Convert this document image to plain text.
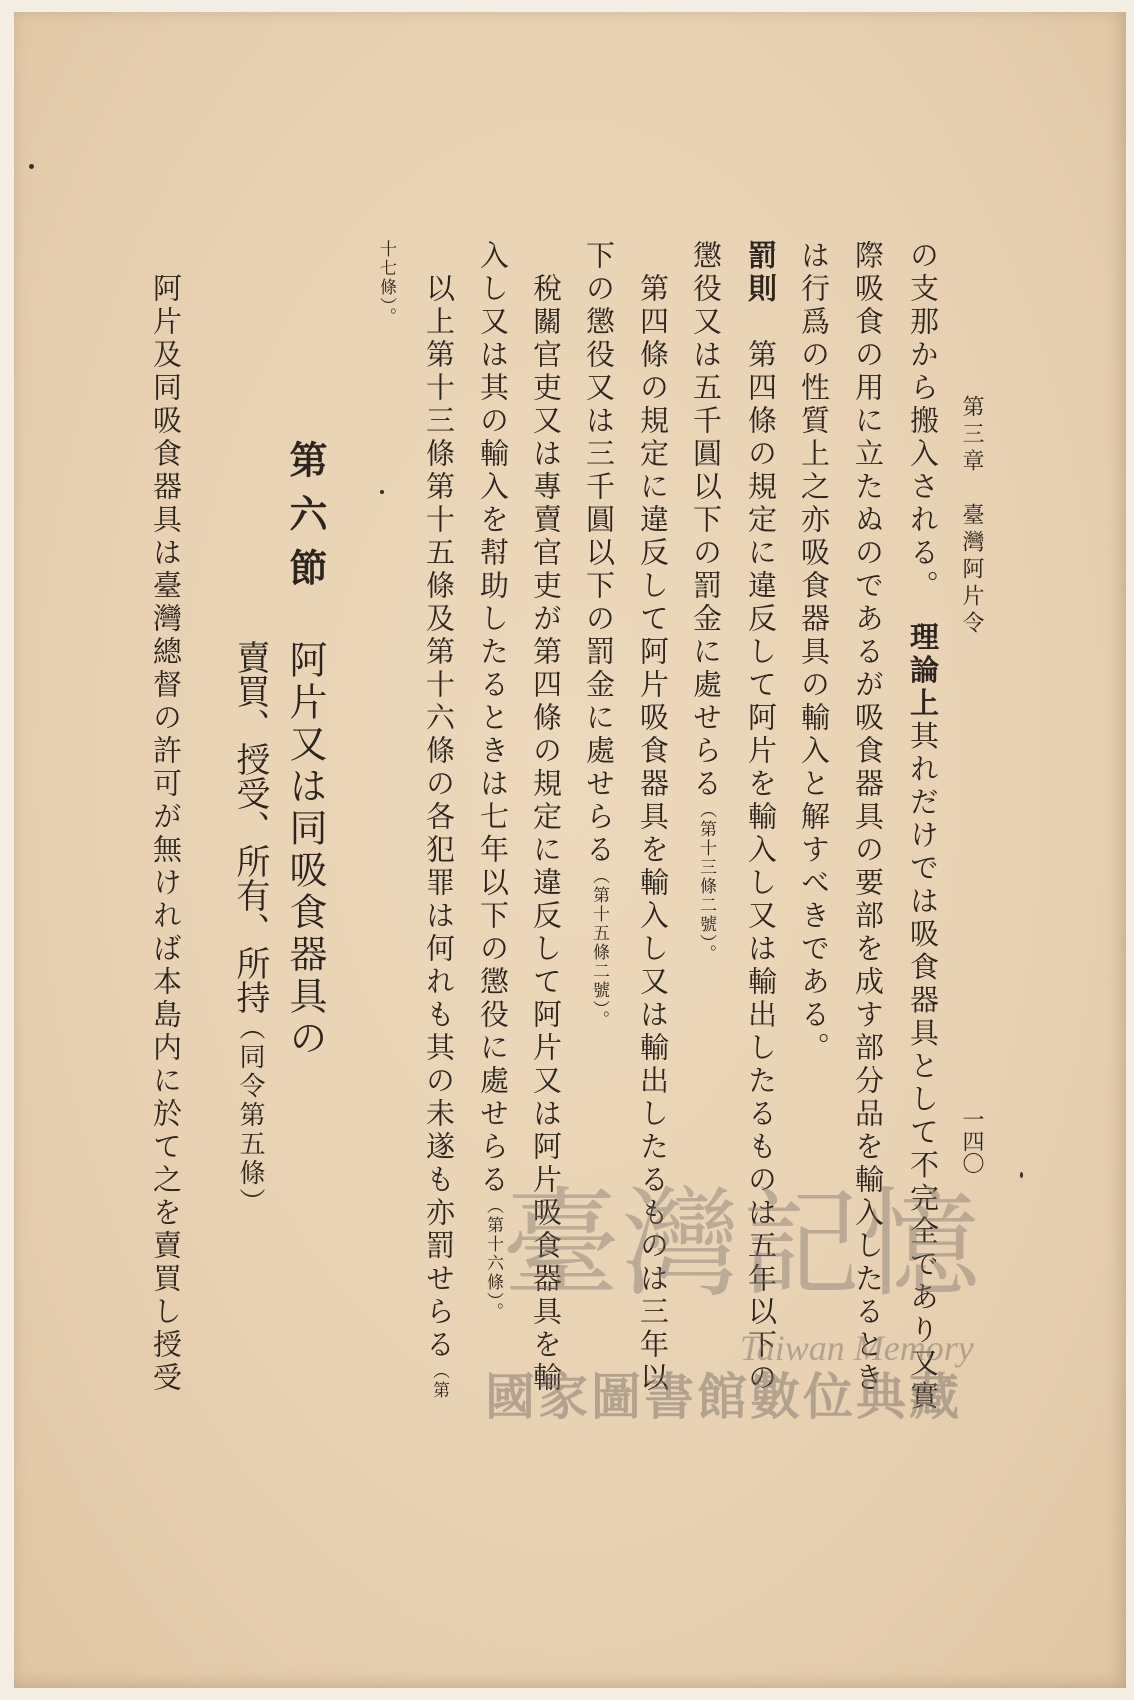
第三章　臺灣阿片令
一四〇
の支那から搬入される。　理論上其れだけでは吸食器具として不完全であり又實
際吸食の用に立たぬのであるが吸食器具の要部を成す部分品を輸入したるとき
は行爲の性質上之亦吸食器具の輸入と解すべきである。
罰則　第四條の規定に違反して阿片を輸入し又は輸出したるものは五年以下の
懲役又は五千圓以下の罰金に處せらる（第十三條二號）。
　第四條の規定に違反して阿片吸食器具を輸入し又は輸出したるものは三年以
下の懲役又は三千圓以下の罰金に處せらる（第十五條二號）。
　稅關官吏又は專賣官吏が第四條の規定に違反して阿片又は阿片吸食器具を輸
入し又は其の輸入を幇助したるときは七年以下の懲役に處せらる（第十六條）。
　以上第十三條第十五條及第十六條の各犯罪は何れも其の未遂も亦罰せらる（第
十七條）。
第六節
阿片又は同吸食器具の
賣買、授受、所有、所持（同令第五條）
　阿片及同吸食器具は臺灣總督の許可が無ければ本島内に於て之を賣買し授受	臺灣記憶
Taiwan Memory
國家圖書館數位典藏
